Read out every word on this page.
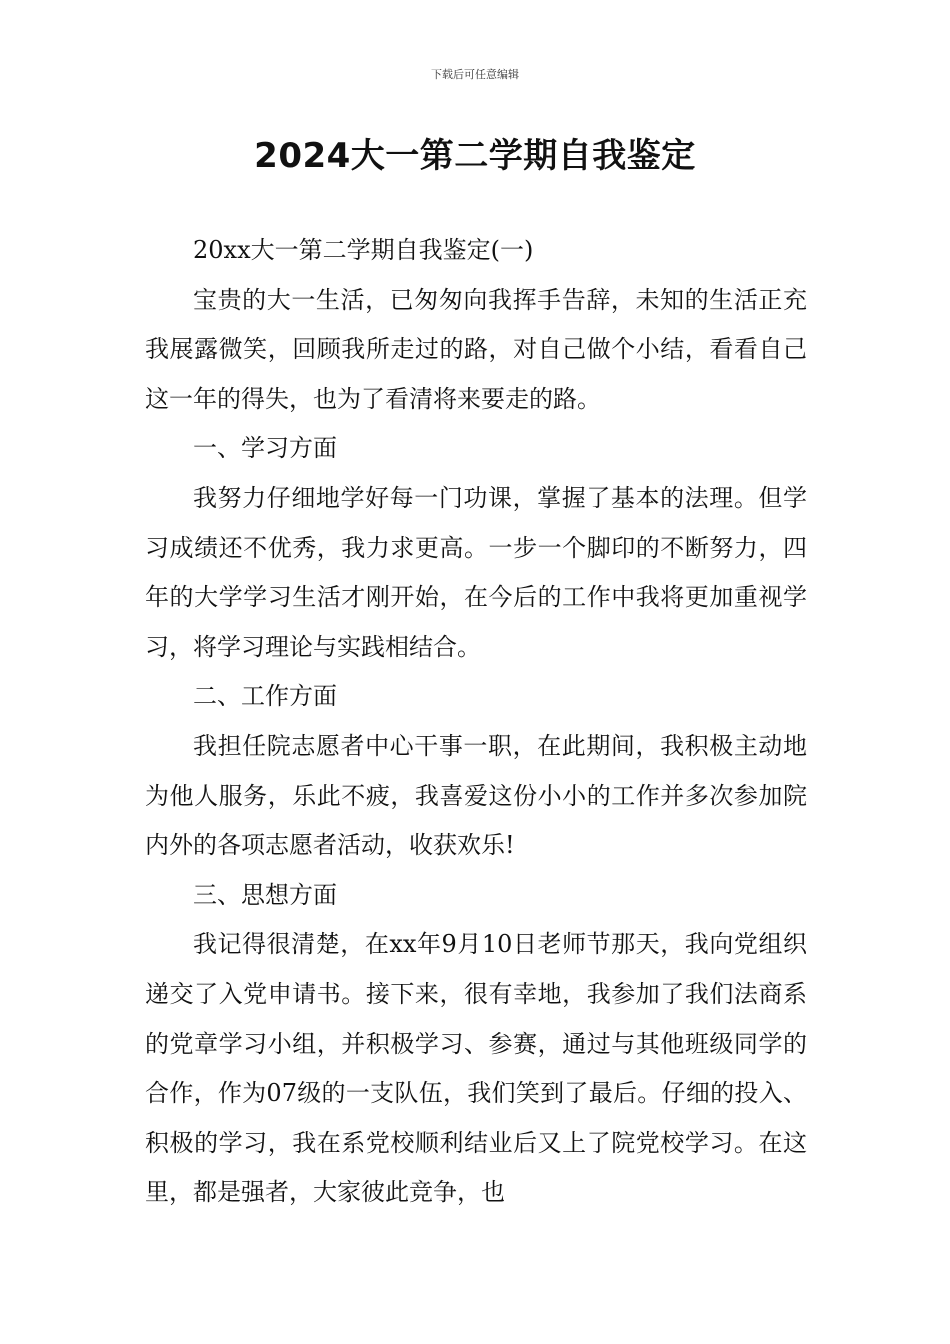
下载后可任意编辑
2024大一第二学期自我鉴定

20xx大一第二学期自我鉴定(一)

宝贵的大一生活，已匆匆向我挥手告辞，未知的生活正充我展露微笑，回顾我所走过的路，对自己做个小结，看看自己这一年的得失，也为了看清将来要走的路。

一、学习方面

我努力仔细地学好每一门功课，掌握了基本的法理。但学习成绩还不优秀，我力求更高。一步一个脚印的不断努力，四年的大学学习生活才刚开始，在今后的工作中我将更加重视学习，将学习理论与实践相结合。

二、工作方面

我担任院志愿者中心干事一职，在此期间，我积极主动地为他人服务，乐此不疲，我喜爱这份小小的工作并多次参加院内外的各项志愿者活动，收获欢乐!

三、思想方面

我记得很清楚，在xx年9月10日老师节那天，我向党组织递交了入党申请书。接下来，很有幸地，我参加了我们法商系的党章学习小组，并积极学习、参赛，通过与其他班级同学的合作，作为07级的一支队伍，我们笑到了最后。仔细的投入、积极的学习，我在系党校顺利结业后又上了院党校学习。在这里，都是强者，大家彼此竞争，也
